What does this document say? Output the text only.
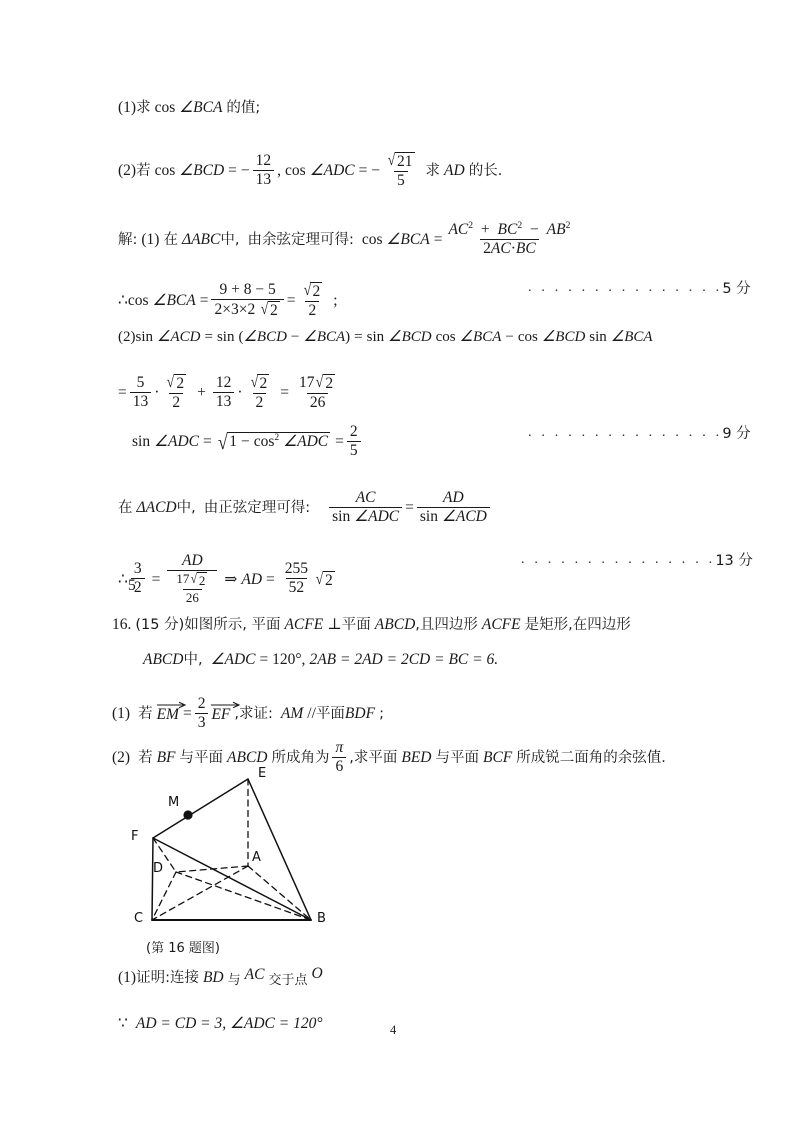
(1) 求 cos ∠BCA 的值;
(2) 若 cos ∠BCD = − $\frac{12}{13}$ , cos ∠ADC = − $\frac{√ 21}{5}$ 求 AD 的长.
解: (1) 在 ΔABC 中, 由余弦定理可得: cos ∠BCA = $\frac{AC^2 + BC^2 - AB^2}{2AC\cdot BC}$
∴ cos ∠BCA = $\frac{9 + 8 - 5}{2\times 3\times 2 √ 2} = \frac{√ 2}{2}$ ;
. . . . . . . . . . . . . . . 5 分
(2) sin ∠ACD = sin ( ∠BCD − ∠BCA ) = sin ∠BCD cos ∠BCA − cos ∠BCD sin ∠BCA
= $\frac{5}{13} \cdot \frac{√ 2}{2} + \frac{12}{13} \cdot \frac{√ 2}{2} = \frac{17 √ 2}{26}$
sin ∠ADC = √ $1 - \cos^2$ ∠ADC = $\frac{2}{5}$	. . . . . . . . . . . . . . . 9 分
在 ΔACD 中, 由正弦定理可得: $\frac{AC}{\text{sin ∠ADC}} = \frac{AD}{\text{sin ∠ACD}}$
∴ $\frac{3}{2} = \frac{AD}{\frac{17 √ 2}{26}}$ ⇒ AD = $\frac{255}{52}$ √ 2
5
. . . . . . . . . . . . . . . 13 分
16. (15 分) 如图所示, 平面 ACFE ⊥ 平面 ABCD ,且四边形 ACFE 是矩形,在四边形
ABCD 中, ∠ADC = 120°, 2AB = 2AD = 2CD = BC = 6.
(1) 若 EM = $\frac{2}{3}$ EF ,求证: AM // 平面 BDF ;
(2) 若 BF 与平面 ABCD 所成角为 $\frac{\pi}{6}$ ,求平面 BED 与平面 BCF 所成锐二面角的余弦值.
E
M
F
A
D
C	B
(第 16 题图)
(1) 证明:连接 BD 与 AC 交于点 O
∵ AD = CD = 3, ∠ADC = 120°	4
